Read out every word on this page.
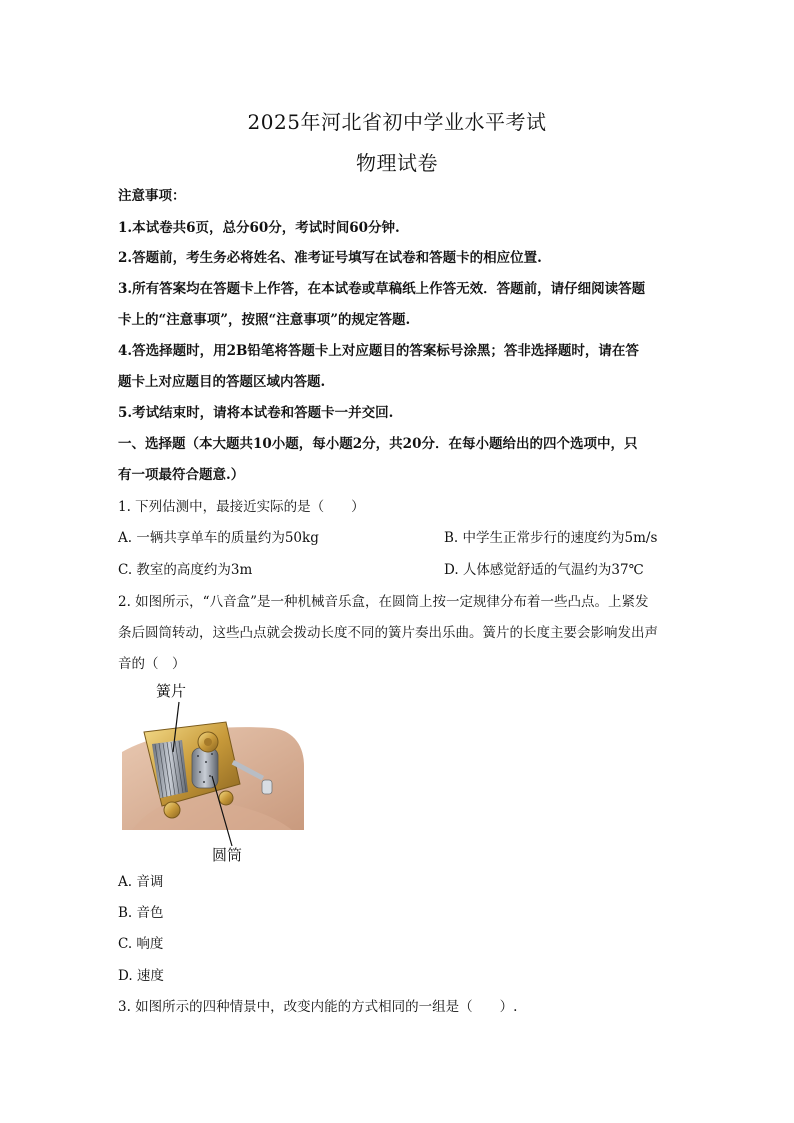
2025年河北省初中学业水平考试
物理试卷
注意事项：
1.本试卷共6页，总分60分，考试时间60分钟.
2.答题前，考生务必将姓名、准考证号填写在试卷和答题卡的相应位置.
3.所有答案均在答题卡上作答，在本试卷或草稿纸上作答无效．答题前，请仔细阅读答题
卡上的“注意事项”，按照“注意事项”的规定答题.
4.答选择题时，用2B铅笔将答题卡上对应题目的答案标号涂黑；答非选择题时，请在答
题卡上对应题目的答题区域内答题.
5.考试结束时，请将本试卷和答题卡一并交回.
一、选择题（本大题共10小题，每小题2分，共20分．在每小题给出的四个选项中，只
有一项最符合题意.）
1. 下列估测中，最接近实际的是（　　）
A. 一辆共享单车的质量约为50kg	B. 中学生正常步行的速度约为5m/s
C. 教室的高度约为3m	D. 人体感觉舒适的气温约为37℃
2. 如图所示，“八音盒”是一种机械音乐盒，在圆筒上按一定规律分布着一些凸点。上紧发
条后圆筒转动，这些凸点就会拨动长度不同的簧片奏出乐曲。簧片的长度主要会影响发出声
音的（　）
簧片
圆筒
A. 音调
B. 音色
C. 响度
D. 速度
3. 如图所示的四种情景中，改变内能的方式相同的一组是（　　）.
